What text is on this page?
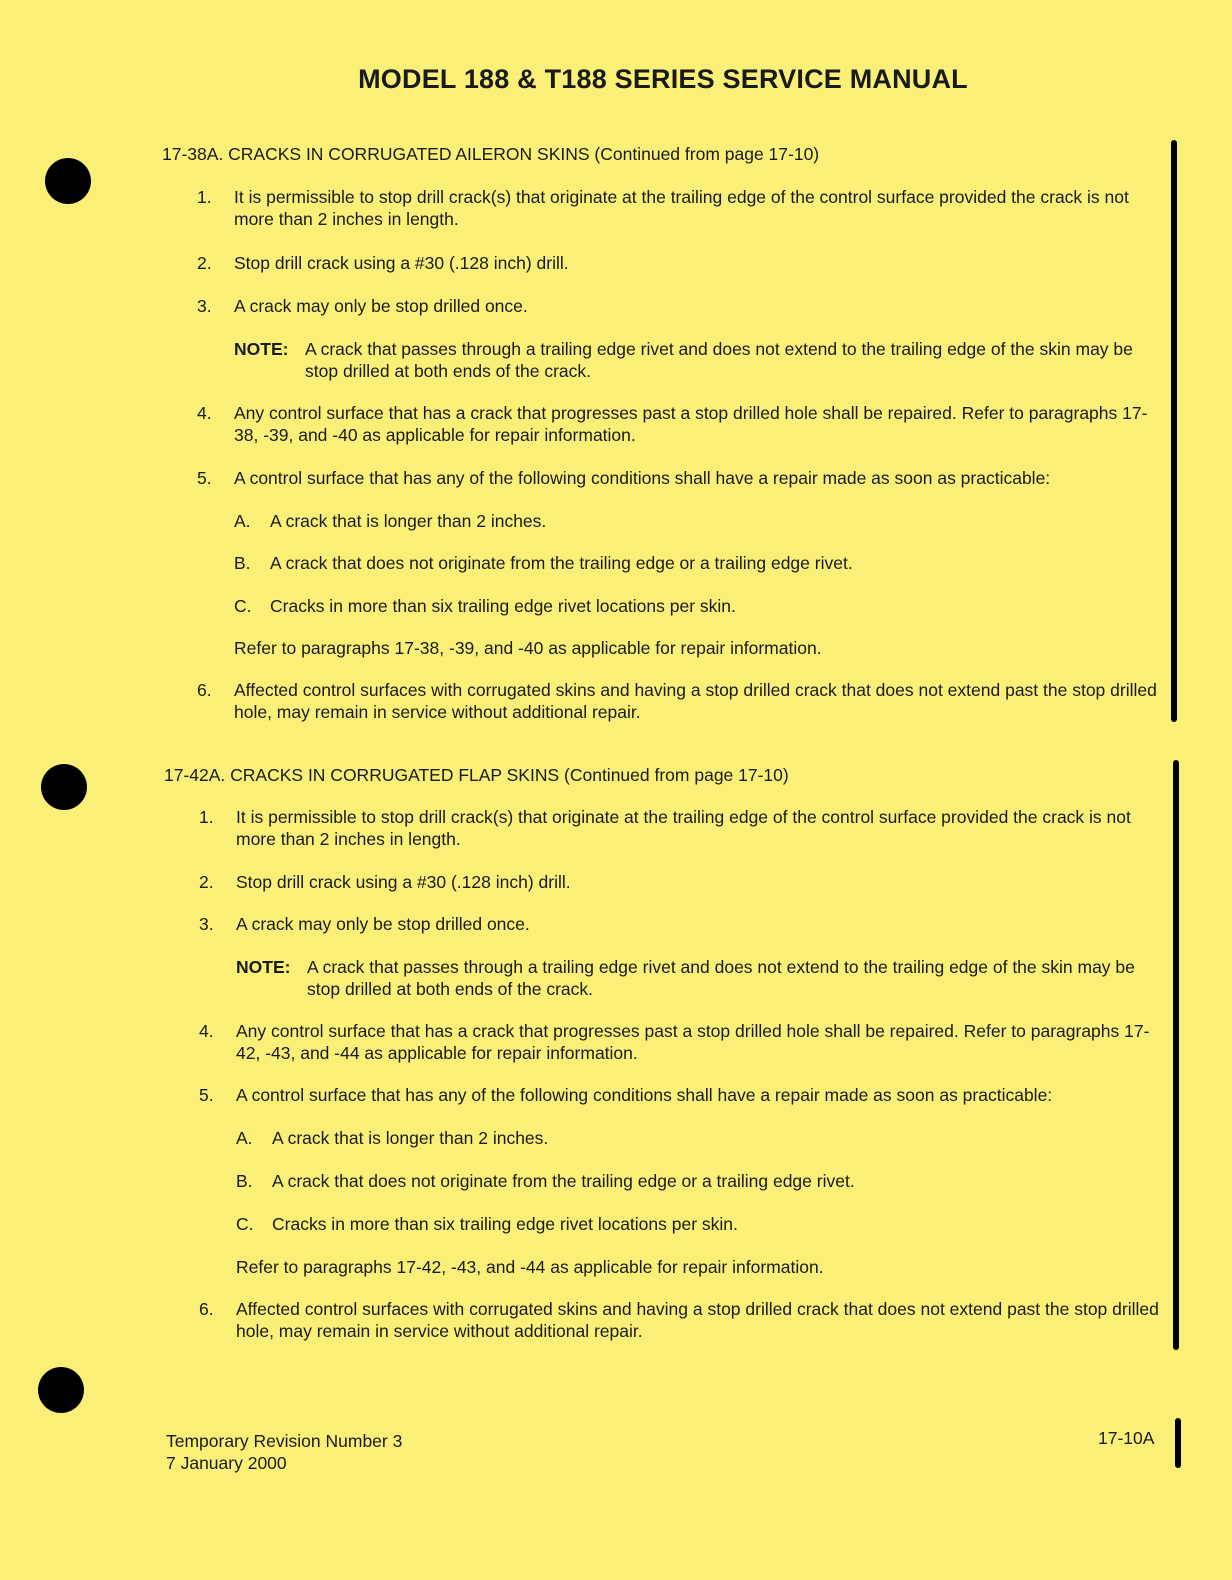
MODEL 188 & T188 SERIES SERVICE MANUAL
17-38A. CRACKS IN CORRUGATED AILERON SKINS (Continued from page 17-10)
1.	It is permissible to stop drill crack(s) that originate at the trailing edge of the control surface provided the crack is not more than 2 inches in length.
2.	Stop drill crack using a #30 (.128 inch) drill.
3.	A crack may only be stop drilled once.
NOTE: A crack that passes through a trailing edge rivet and does not extend to the trailing edge of the skin may be stop drilled at both ends of the crack.
4.	Any control surface that has a crack that progresses past a stop drilled hole shall be repaired. Refer to paragraphs 17-38, -39, and -40 as applicable for repair information.
5.	A control surface that has any of the following conditions shall have a repair made as soon as practicable:
A.	A crack that is longer than 2 inches.
B.	A crack that does not originate from the trailing edge or a trailing edge rivet.
C.	Cracks in more than six trailing edge rivet locations per skin.
Refer to paragraphs 17-38, -39, and -40 as applicable for repair information.
6.	Affected control surfaces with corrugated skins and having a stop drilled crack that does not extend past the stop drilled hole, may remain in service without additional repair.
17-42A. CRACKS IN CORRUGATED FLAP SKINS (Continued from page 17-10)
1.	It is permissible to stop drill crack(s) that originate at the trailing edge of the control surface provided the crack is not more than 2 inches in length.
2.	Stop drill crack using a #30 (.128 inch) drill.
3.	A crack may only be stop drilled once.
NOTE: A crack that passes through a trailing edge rivet and does not extend to the trailing edge of the skin may be stop drilled at both ends of the crack.
4.	Any control surface that has a crack that progresses past a stop drilled hole shall be repaired. Refer to paragraphs 17-42, -43, and -44 as applicable for repair information.
5.	A control surface that has any of the following conditions shall have a repair made as soon as practicable:
A.	A crack that is longer than 2 inches.
B.	A crack that does not originate from the trailing edge or a trailing edge rivet.
C.	Cracks in more than six trailing edge rivet locations per skin.
Refer to paragraphs 17-42, -43, and -44 as applicable for repair information.
6.	Affected control surfaces with corrugated skins and having a stop drilled crack that does not extend past the stop drilled hole, may remain in service without additional repair.
Temporary Revision Number 3
7 January 2000
17-10A
